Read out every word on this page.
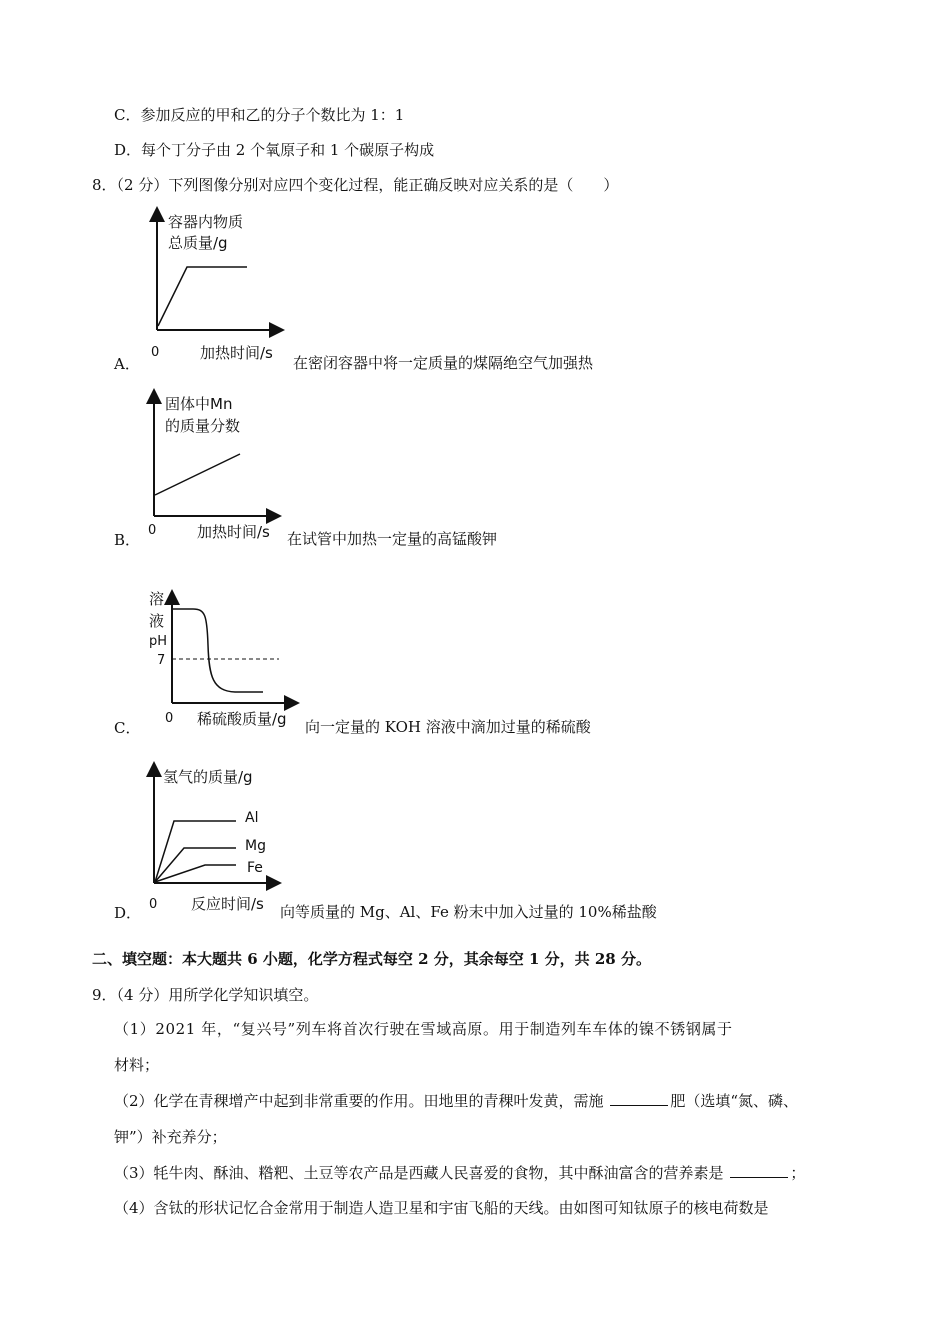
C．参加反应的甲和乙的分子个数比为 1：1
D．每个丁分子由 2 个氧原子和 1 个碳原子构成
8．（2 分）下列图像分别对应四个变化过程，能正确反映对应关系的是（　　）
容器内物质
总质量/g
0	加热时间/s
A．	在密闭容器中将一定质量的煤隔绝空气加强热
固体中Mn
的质量分数
0	加热时间/s
B．	在试管中加热一定量的高锰酸钾
溶
液
pH
7
0 稀硫酸质量/g
C．	向一定量的 KOH 溶液中滴加过量的稀硫酸
氢气的质量/g
Al
Mg
Fe
0 反应时间/s
D．	向等质量的 Mg、Al、Fe 粉末中加入过量的 10%稀盐酸
二、填空题：本大题共 6 小题，化学方程式每空 2 分，其余每空 1 分，共 28 分。
9．（4 分）用所学化学知识填空。
（1）2021 年，“复兴号”列车将首次行驶在雪域高原。用于制造列车车体的镍不锈钢属于
材料；
（2）化学在青稞增产中起到非常重要的作用。田地里的青稞叶发黄，需施	肥（选填“氮、磷、
钾”）补充养分；
（3）牦牛肉、酥油、糌粑、土豆等农产品是西藏人民喜爱的食物，其中酥油富含的营养素是	；
（4）含钛的形状记忆合金常用于制造人造卫星和宇宙飞船的天线。由如图可知钛原子的核电荷数是
